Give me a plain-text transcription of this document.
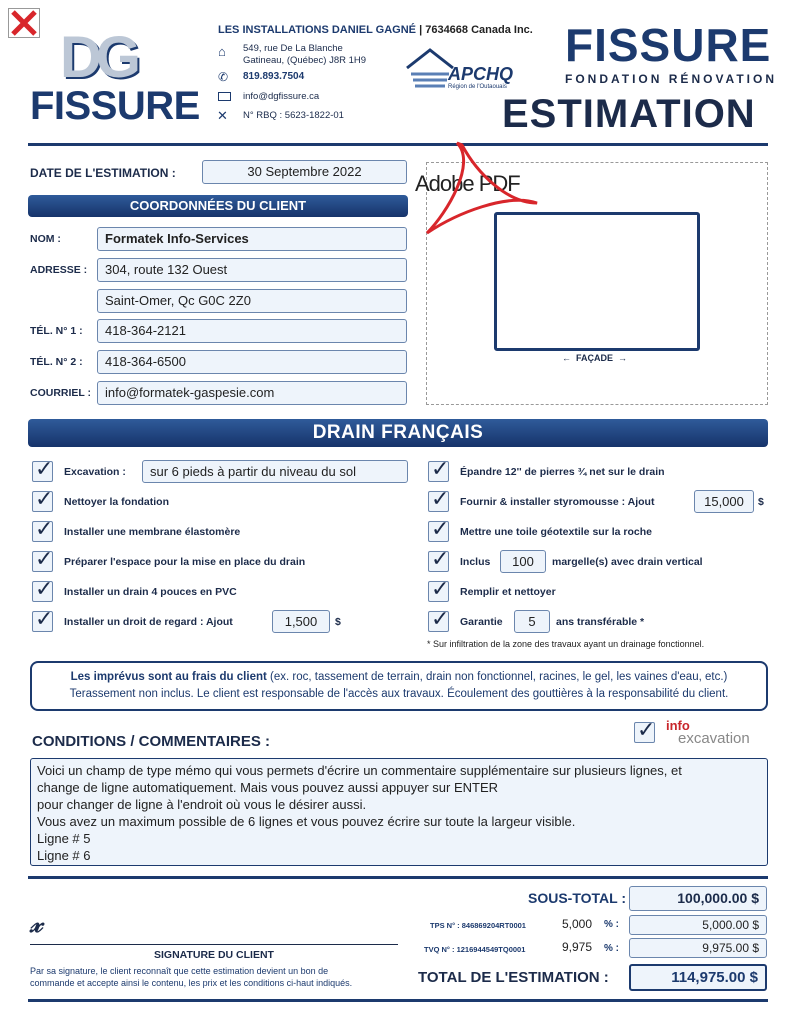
DG
FISSURE
LES INSTALLATIONS DANIEL GAGNÉ | 7634668 Canada Inc.
⌂ 549, rue De La Blanche
Gatineau, (Québec) J8R 1H9
✆ 819.893.7504
info@dgfissure.ca
✕ N° RBQ : 5623-1822-01
APCHQ
Région de l'Outaouais
FISSURE
FONDATION RÉNOVATION
ESTIMATION
DATE DE L'ESTIMATION :	30 Septembre 2022
COORDONNÉES DU CLIENT
NOM :	Formatek Info-Services
ADRESSE :	304, route 132 Ouest
Saint-Omer, Qc G0C 2Z0
TÉL. N° 1 :	418-364-2121
TÉL. N° 2 :	418-364-6500
COURRIEL :	info@formatek-gaspesie.com
Adobe PDF
← FAÇADE →
DRAIN FRANÇAIS
✓
Excavation :	sur 6 pieds à partir du niveau du sol
✓
Nettoyer la fondation
✓
Installer une membrane élastomère
✓
Préparer l'espace pour la mise en place du drain
✓
Installer un drain 4 pouces en PVC
✓
Installer un droit de regard : Ajout	1,500	$
✓
Épandre 12'' de pierres ¾ net sur le drain
✓
Fournir & installer styromousse : Ajout	15,000	$
✓
Mettre une toile géotextile sur la roche
✓
Inclus	100	margelle(s) avec drain vertical
✓
Remplir et nettoyer
✓
Garantie	5	ans transférable *
* Sur infiltration de la zone des travaux ayant un drainage fonctionnel.
Les imprévus sont au frais du client (ex. roc, tassement de terrain, drain non fonctionnel, racines, le gel, les vaines d'eau, etc.)
Terassement non inclus. Le client est responsable de l'accès aux travaux. Écoulement des gouttières à la responsabilité du client.
CONDITIONS / COMMENTAIRES :
✓
info
excavation
Voici un champ de type mémo qui vous permets d'écrire un commentaire supplémentaire sur plusieurs lignes, et
change de ligne automatiquement. Mais vous pouvez aussi appuyer sur ENTER
pour changer de ligne à l'endroit où vous le désirer aussi.
Vous avez un maximum possible de 6 lignes et vous pouvez écrire sur toute la largeur visible.
Ligne # 5
Ligne # 6
SOUS-TOTAL :	100,000.00 $
TPS N° : 846869204RT0001	5,000 % :	5,000.00 $
TVQ N° : 1216944549TQ0001	9,975 % :	9,975.00 $
TOTAL DE L'ESTIMATION :	114,975.00 $
𝓍
SIGNATURE DU CLIENT
Par sa signature, le client reconnaît que cette estimation devient un bon de
commande et accepte ainsi le contenu, les prix et les conditions ci-haut indiqués.
